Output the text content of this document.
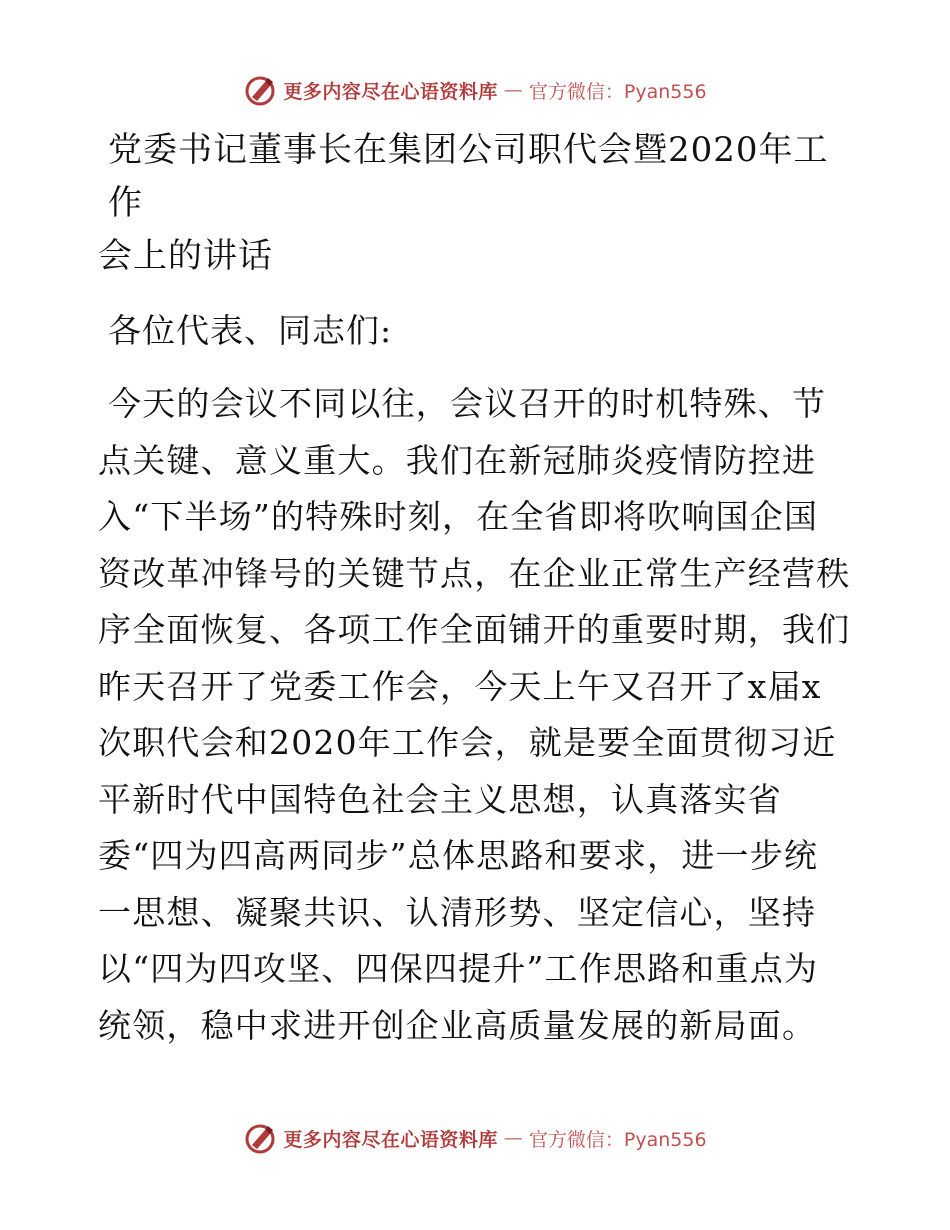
更多内容尽在心语资料库 — 官方微信：Pyan556
党委书记董事长在集团公司职代会暨2020年工作
会上的讲话

各位代表、同志们:

今天的会议不同以往，会议召开的时机特殊、节
点关键、意义重大。我们在新冠肺炎疫情防控进
入“下半场”的特殊时刻，在全省即将吹响国企国
资改革冲锋号的关键节点，在企业正常生产经营秩
序全面恢复、各项工作全面铺开的重要时期，我们
昨天召开了党委工作会，今天上午又召开了x届x
次职代会和2020年工作会，就是要全面贯彻习近
平新时代中国特色社会主义思想，认真落实省
委“四为四高两同步”总体思路和要求，进一步统
一思想、凝聚共识、认清形势、坚定信心，坚持
以“四为四攻坚、四保四提升”工作思路和重点为
统领，稳中求进开创企业高质量发展的新局面。

更多内容尽在心语资料库 — 官方微信：Pyan556
